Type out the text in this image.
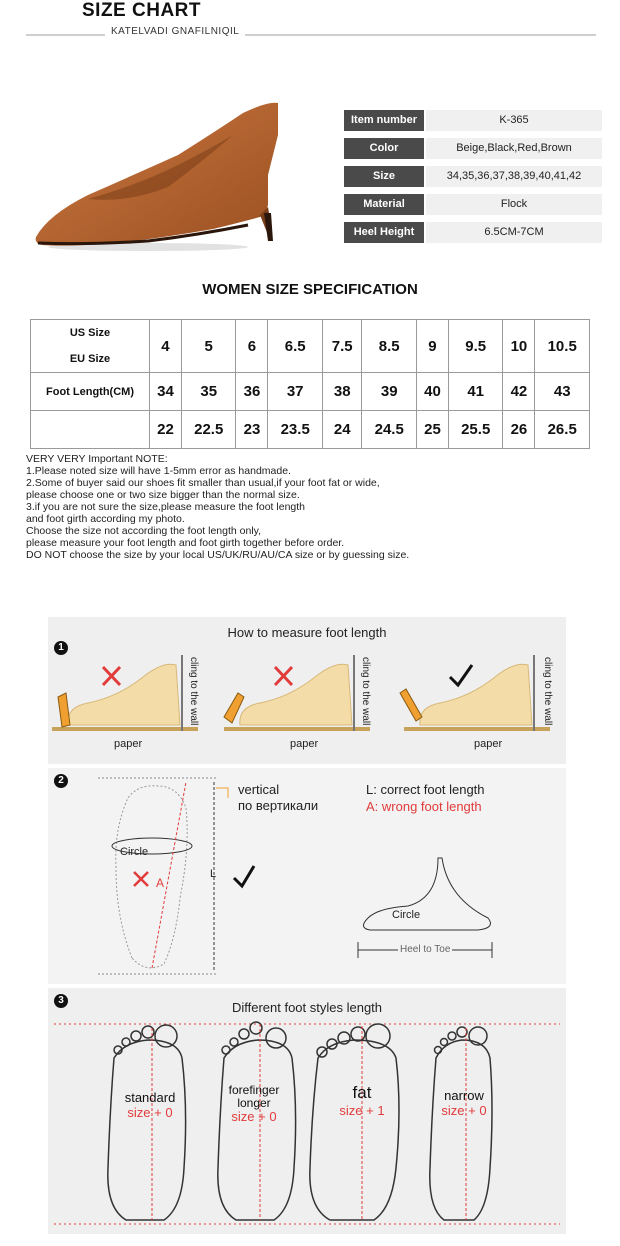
SIZE CHART
KATELVADI GNAFILNIQIL
Item number	K-365
Color	Beige,Black,Red,Brown
Size	34,35,36,37,38,39,40,41,42
Material	Flock
Heel Height	6.5CM-7CM
WOMEN SIZE SPECIFICATION
US Size
EU Size	4	5	6	6.5	7.5	8.5	9	9.5	10	10.5
Foot Length(CM)	34	35	36	37	38	39	40	41	42	43
	22	22.5	23	23.5	24	24.5	25	25.5	26	26.5
VERY VERY Important NOTE:
1.Please noted size will have 1-5mm error as handmade.
2.Some of buyer said our shoes fit smaller than usual,if your foot fat or wide,
please choose one or two size bigger than the normal size.
3.if you are not sure the size,please measure the foot length
and foot girth according my photo.
Choose the size not according the foot length only,
please measure your foot length and foot girth together before order.
DO NOT choose the size by your local US/UK/RU/AU/CA size or by guessing size.
1
How to measure foot length
paper	paper	paper
cling to the wall	cling to the wall	cling to the wall
2
Circle
A
L
vertical
по вертикали
L: correct foot length
A: wrong foot length
Circle
Heel to Toe
3	Different foot styles length
standard
size + 0
forefinger longer
size + 0
fat
size + 1
narrow
size + 0
